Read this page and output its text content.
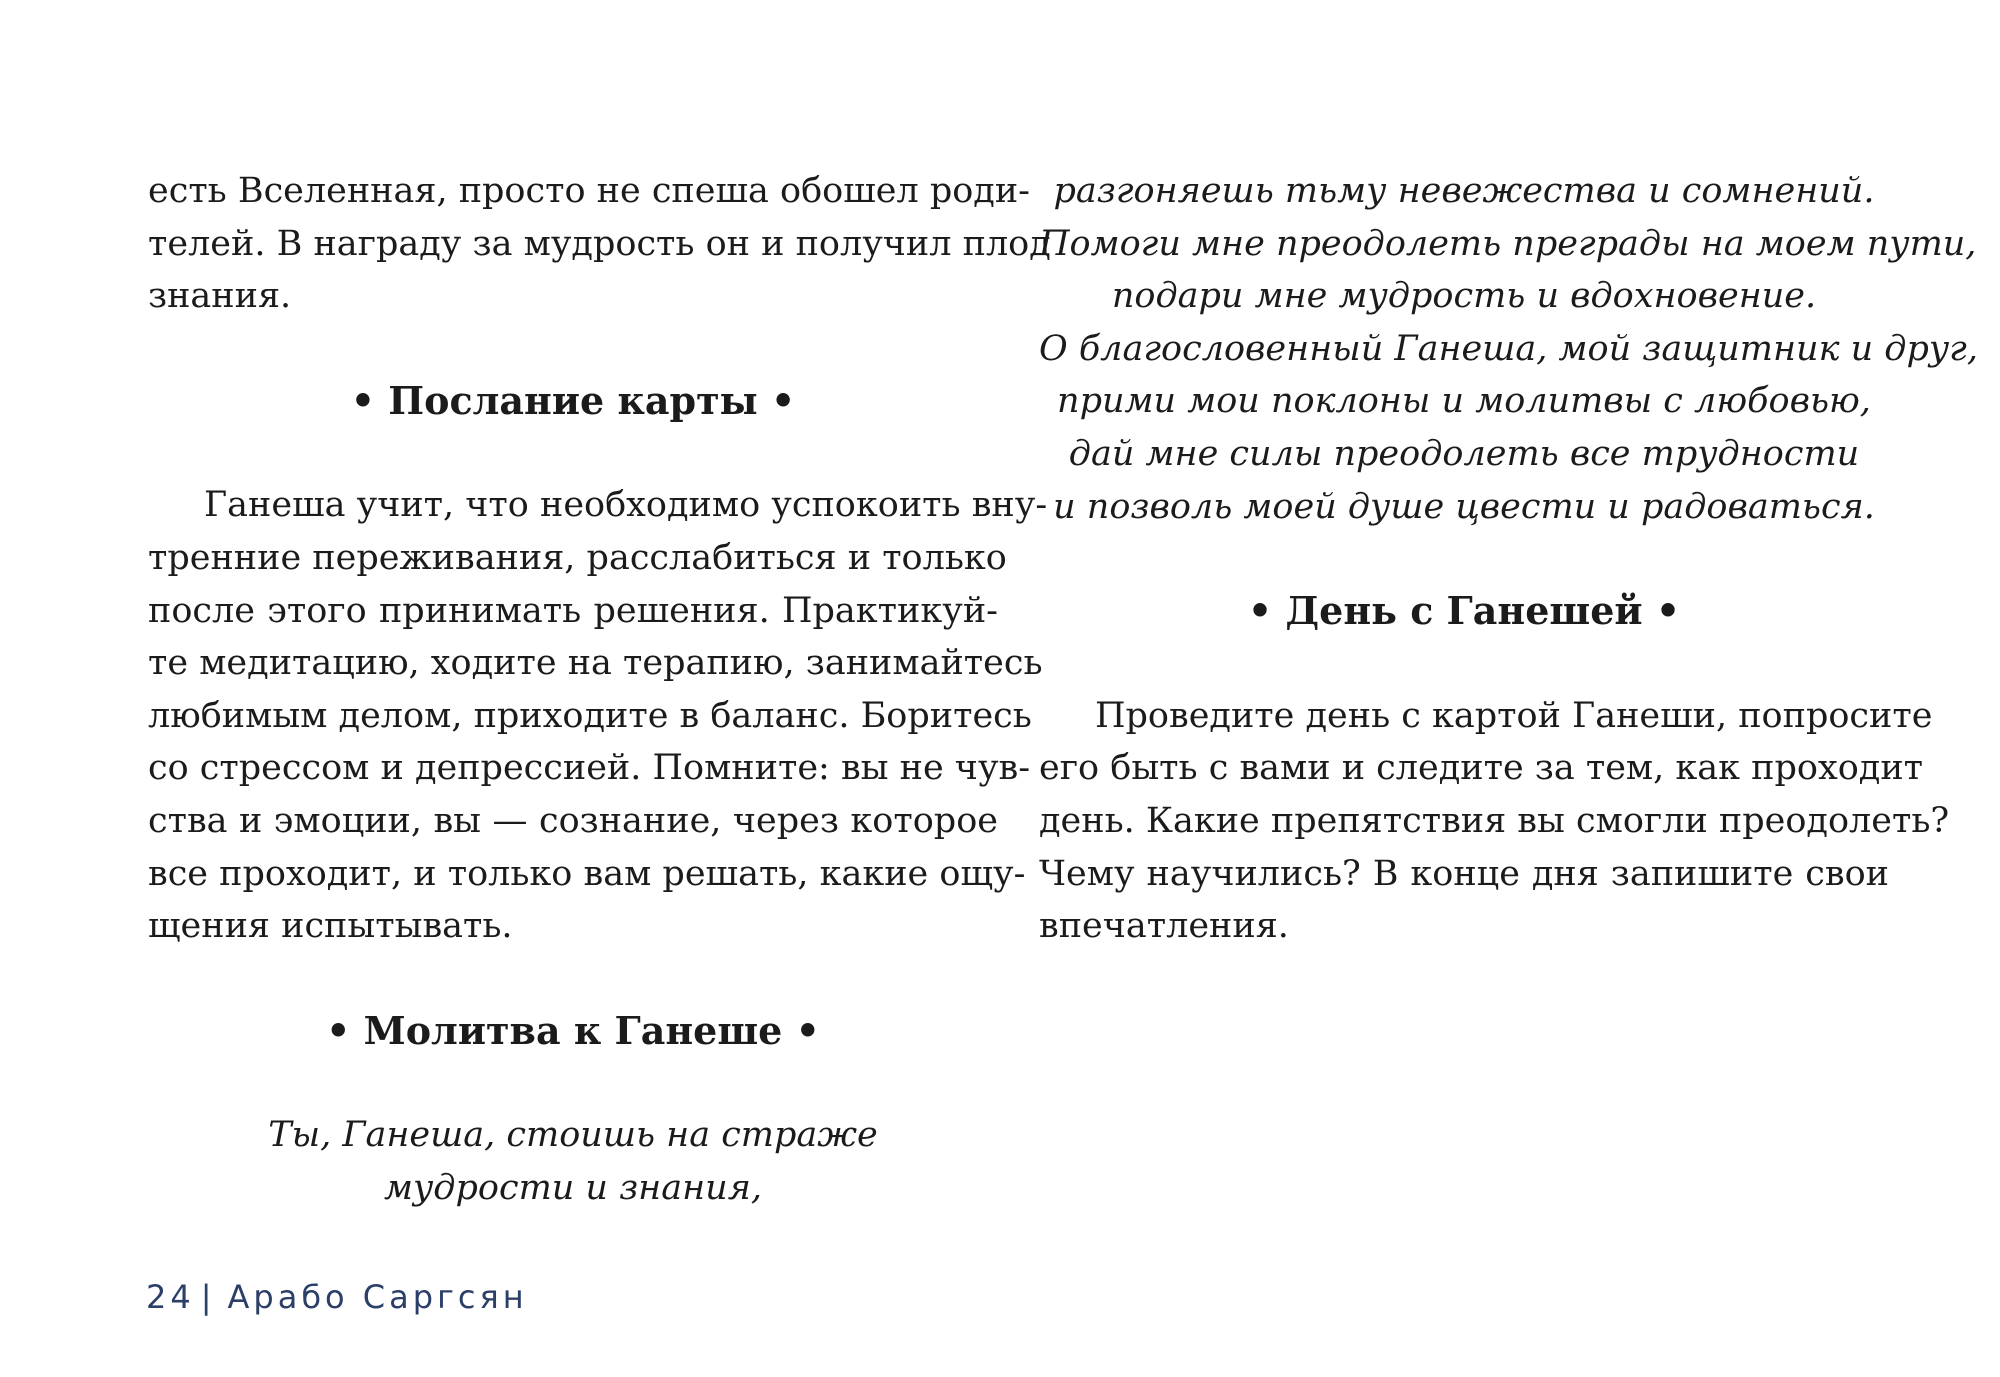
есть Вселенная, просто не спеша обошел роди-
телей. В награду за мудрость он и получил плод
знания.
• Послание карты •
Ганеша учит, что необходимо успокоить вну-
тренние переживания, расслабиться и только
после этого принимать решения. Практикуй-
те медитацию, ходите на терапию, занимайтесь
любимым делом, приходите в баланс. Боритесь
со стрессом и депрессией. Помните: вы не чув-
ства и эмоции, вы — сознание, через которое
все проходит, и только вам решать, какие ощу-
щения испытывать.
• Молитва к Ганеше •
Ты, Ганеша, стоишь на страже
мудрости и знания,
разгоняешь тьму невежества и сомнений.
Помоги мне преодолеть преграды на моем пути,
подари мне мудрость и вдохновение.
О благословенный Ганеша, мой защитник и друг,
прими мои поклоны и молитвы с любовью,
дай мне силы преодолеть все трудности
и позволь моей душе цвести и радоваться.
• День с Ганешей •
Проведите день с картой Ганеши, попросите
его быть с вами и следите за тем, как проходит
день. Какие препятствия вы смогли преодолеть?
Чему научились? В конце дня запишите свои
впечатления.
24 | Арабо Саргсян
